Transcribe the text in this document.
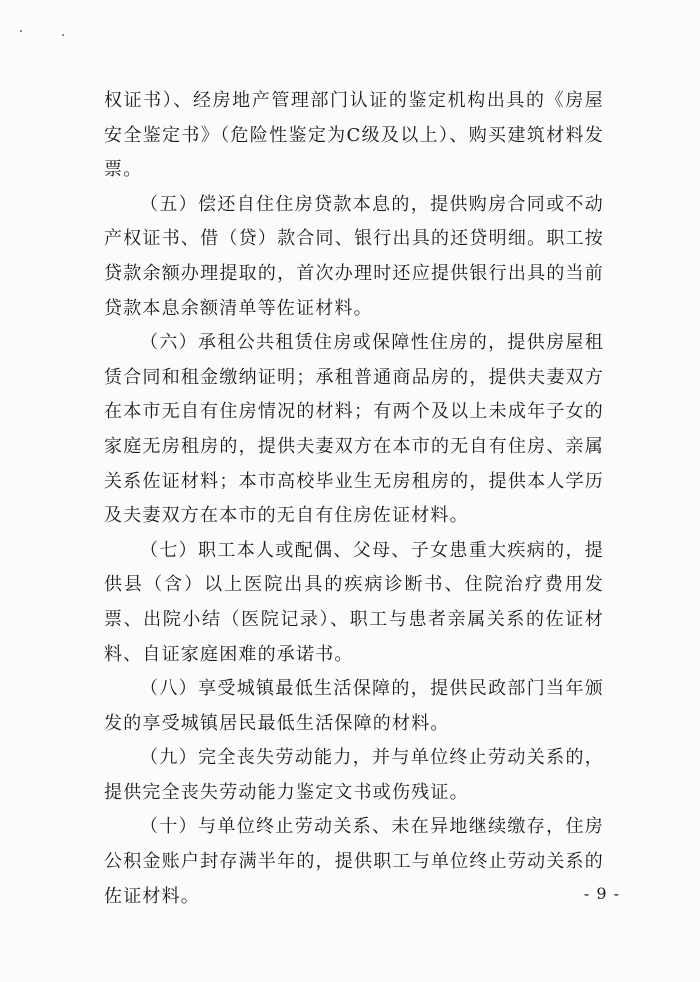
权证书）、经房地产管理部门认证的鉴定机构出具的《房屋安全鉴定书》（危险性鉴定为C级及以上）、购买建筑材料发票。

（五）偿还自住住房贷款本息的，提供购房合同或不动产权证书、借（贷）款合同、银行出具的还贷明细。职工按贷款余额办理提取的，首次办理时还应提供银行出具的当前贷款本息余额清单等佐证材料。

（六）承租公共租赁住房或保障性住房的，提供房屋租赁合同和租金缴纳证明；承租普通商品房的，提供夫妻双方在本市无自有住房情况的材料；有两个及以上未成年子女的家庭无房租房的，提供夫妻双方在本市的无自有住房、亲属关系佐证材料；本市高校毕业生无房租房的，提供本人学历及夫妻双方在本市的无自有住房佐证材料。

（七）职工本人或配偶、父母、子女患重大疾病的，提供县（含）以上医院出具的疾病诊断书、住院治疗费用发票、出院小结（医院记录）、职工与患者亲属关系的佐证材料、自证家庭困难的承诺书。

（八）享受城镇最低生活保障的，提供民政部门当年颁发的享受城镇居民最低生活保障的材料。

（九）完全丧失劳动能力，并与单位终止劳动关系的，提供完全丧失劳动能力鉴定文书或伤残证。

（十）与单位终止劳动关系、未在异地继续缴存，住房公积金账户封存满半年的，提供职工与单位终止劳动关系的佐证材料。	- 9 -
